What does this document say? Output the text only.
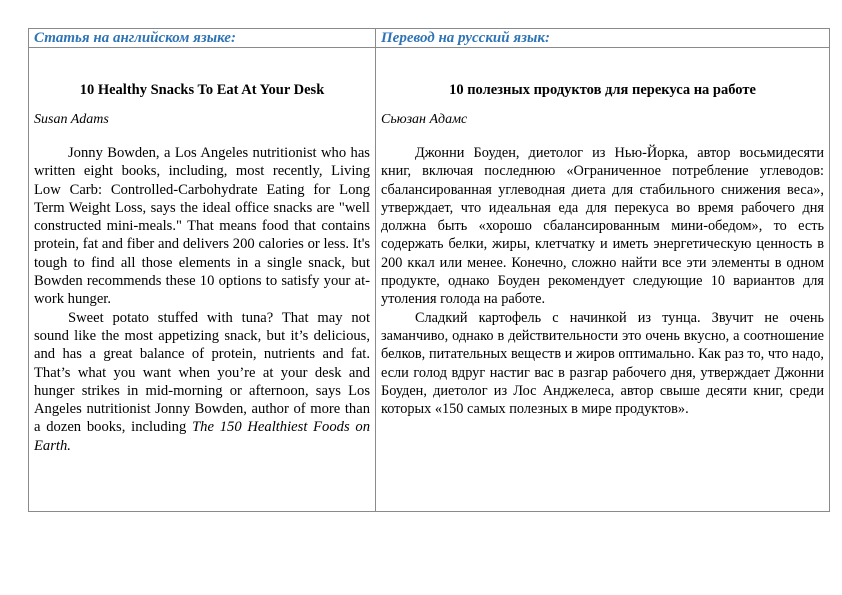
Статья на английском языке:
10 Healthy Snacks To Eat At Your Desk
Susan Adams

Jonny Bowden, a Los Angeles nutritionist who has written eight books, including, most recently, Living Low Carb: Controlled-Carbohydrate Eating for Long Term Weight Loss, says the ideal office snacks are "well constructed mini-meals." That means food that contains protein, fat and fiber and delivers 200 calories or less. It's tough to find all those elements in a single snack, but Bowden recommends these 10 options to satisfy your at-work hunger.

Sweet potato stuffed with tuna? That may not sound like the most appetizing snack, but it’s delicious, and has a great balance of protein, nutrients and fat. That’s what you want when you’re at your desk and hunger strikes in mid-morning or afternoon, says Los Angeles nutritionist Jonny Bowden, author of more than a dozen books, including The 150 Healthiest Foods on Earth.

Перевод на русский язык:
10 полезных продуктов для перекуса на работе
Сьюзан Адамс

Джонни Боуден, диетолог из Нью-Йорка, автор восьмидесяти книг, включая последнюю «Ограниченное потребление углеводов: сбалансированная углеводная диета для стабильного снижения веса», утверждает, что идеальная еда для перекуса во время рабочего дня должна быть «хорошо сбалансированным мини-обедом», то есть содержать белки, жиры, клетчатку и иметь энергетическую ценность в 200 ккал или менее. Конечно, сложно найти все эти элементы в одном продукте, однако Боуден рекомендует следующие 10 вариантов для утоления голода на работе.

Сладкий картофель с начинкой из тунца. Звучит не очень заманчиво, однако в действительности это очень вкусно, а соотношение белков, питательных веществ и жиров оптимально. Как раз то, что надо, если голод вдруг настиг вас в разгар рабочего дня, утверждает Джонни Боуден, диетолог из Лос Анджелеса, автор свыше десяти книг, среди которых «150 самых полезных в мире продуктов».
